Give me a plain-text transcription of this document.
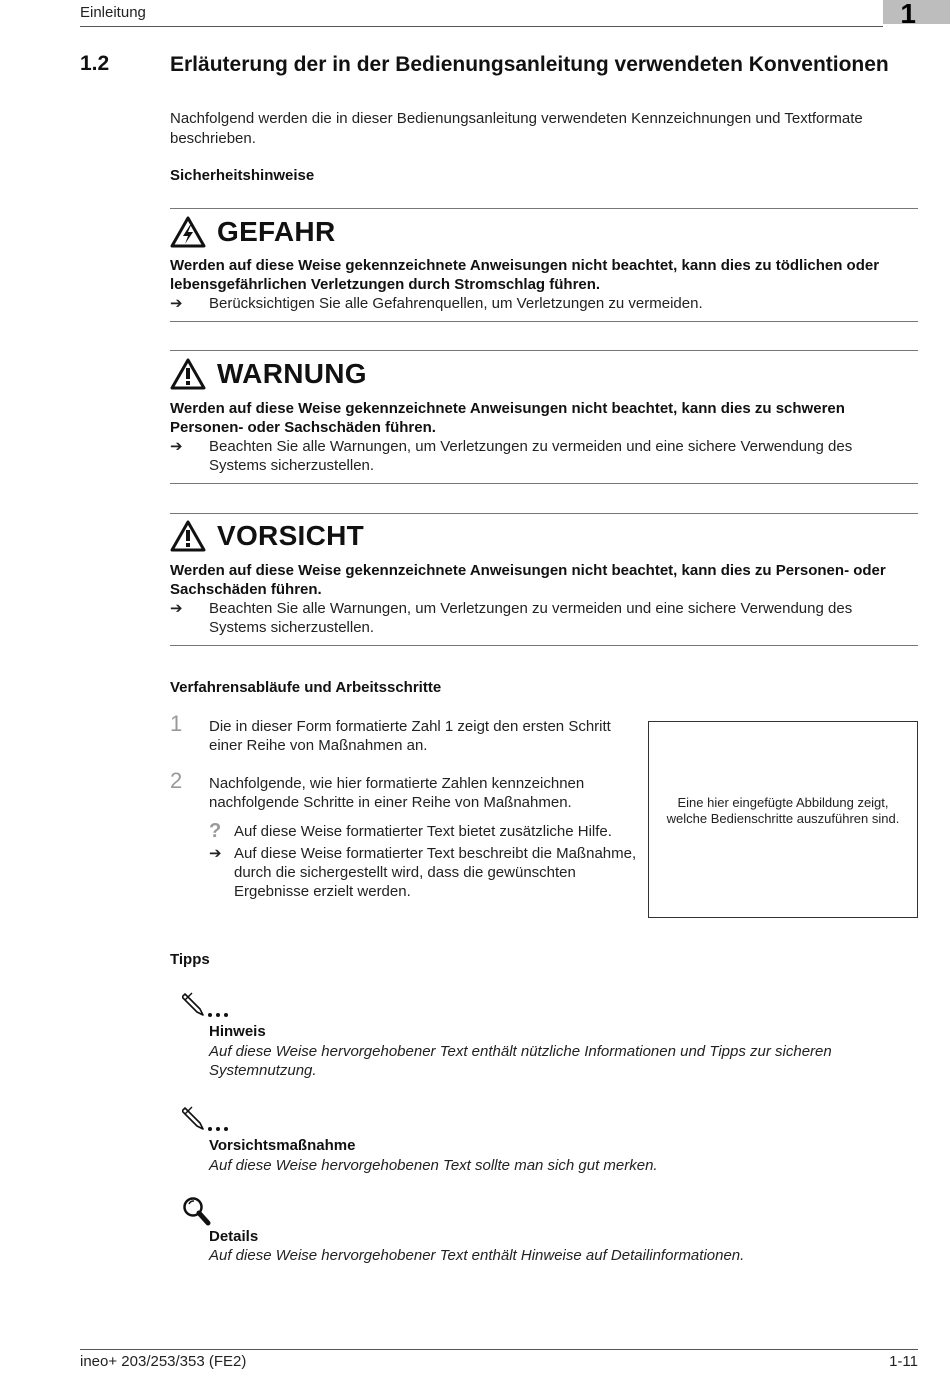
Einleitung	1
1.2	Erläuterung der in der Bedienungsanleitung verwendeten Konventionen
Nachfolgend werden die in dieser Bedienungsanleitung verwendeten Kennzeichnungen und Textformate beschrieben.
Sicherheitshinweise
GEFAHR
Werden auf diese Weise gekennzeichnete Anweisungen nicht beachtet, kann dies zu tödlichen oder lebensgefährlichen Verletzungen durch Stromschlag führen.
➔ Berücksichtigen Sie alle Gefahrenquellen, um Verletzungen zu vermeiden.
WARNUNG
Werden auf diese Weise gekennzeichnete Anweisungen nicht beachtet, kann dies zu schweren Personen- oder Sachschäden führen.
➔ Beachten Sie alle Warnungen, um Verletzungen zu vermeiden und eine sichere Verwendung des Systems sicherzustellen.
VORSICHT
Werden auf diese Weise gekennzeichnete Anweisungen nicht beachtet, kann dies zu Personen- oder Sachschäden führen.
➔ Beachten Sie alle Warnungen, um Verletzungen zu vermeiden und eine sichere Verwendung des Systems sicherzustellen.
Verfahrensabläufe und Arbeitsschritte
1 Die in dieser Form formatierte Zahl 1 zeigt den ersten Schritt einer Reihe von Maßnahmen an.
2 Nachfolgende, wie hier formatierte Zahlen kennzeichnen nachfolgende Schritte in einer Reihe von Maßnahmen.
? Auf diese Weise formatierter Text bietet zusätzliche Hilfe.
➔ Auf diese Weise formatierter Text beschreibt die Maßnahme, durch die sichergestellt wird, dass die gewünschten Ergebnisse erzielt werden.
Eine hier eingefügte Abbildung zeigt, welche Bedienschritte auszuführen sind.
Tipps
Hinweis
Auf diese Weise hervorgehobener Text enthält nützliche Informationen und Tipps zur sicheren Systemnutzung.
Vorsichtsmaßnahme
Auf diese Weise hervorgehobenen Text sollte man sich gut merken.
Details
Auf diese Weise hervorgehobener Text enthält Hinweise auf Detailinformationen.
ineo+ 203/253/353 (FE2)	1-11
